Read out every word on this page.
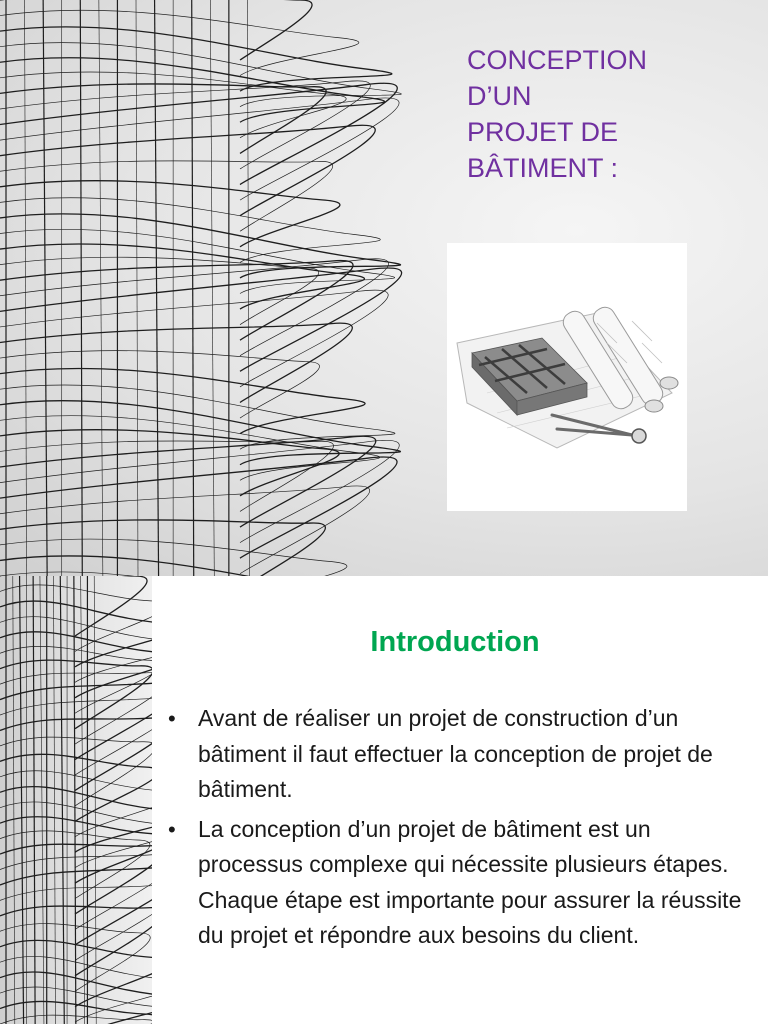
CONCEPTION
D’UN
PROJET DE
BÂTIMENT :
Introduction
• Avant de réaliser un projet de construction d’un bâtiment il faut effectuer la conception de projet de bâtiment.
• La conception d’un projet de bâtiment est un processus complexe qui nécessite plusieurs étapes. Chaque étape est importante pour assurer la réussite du projet et répondre aux besoins du client.
